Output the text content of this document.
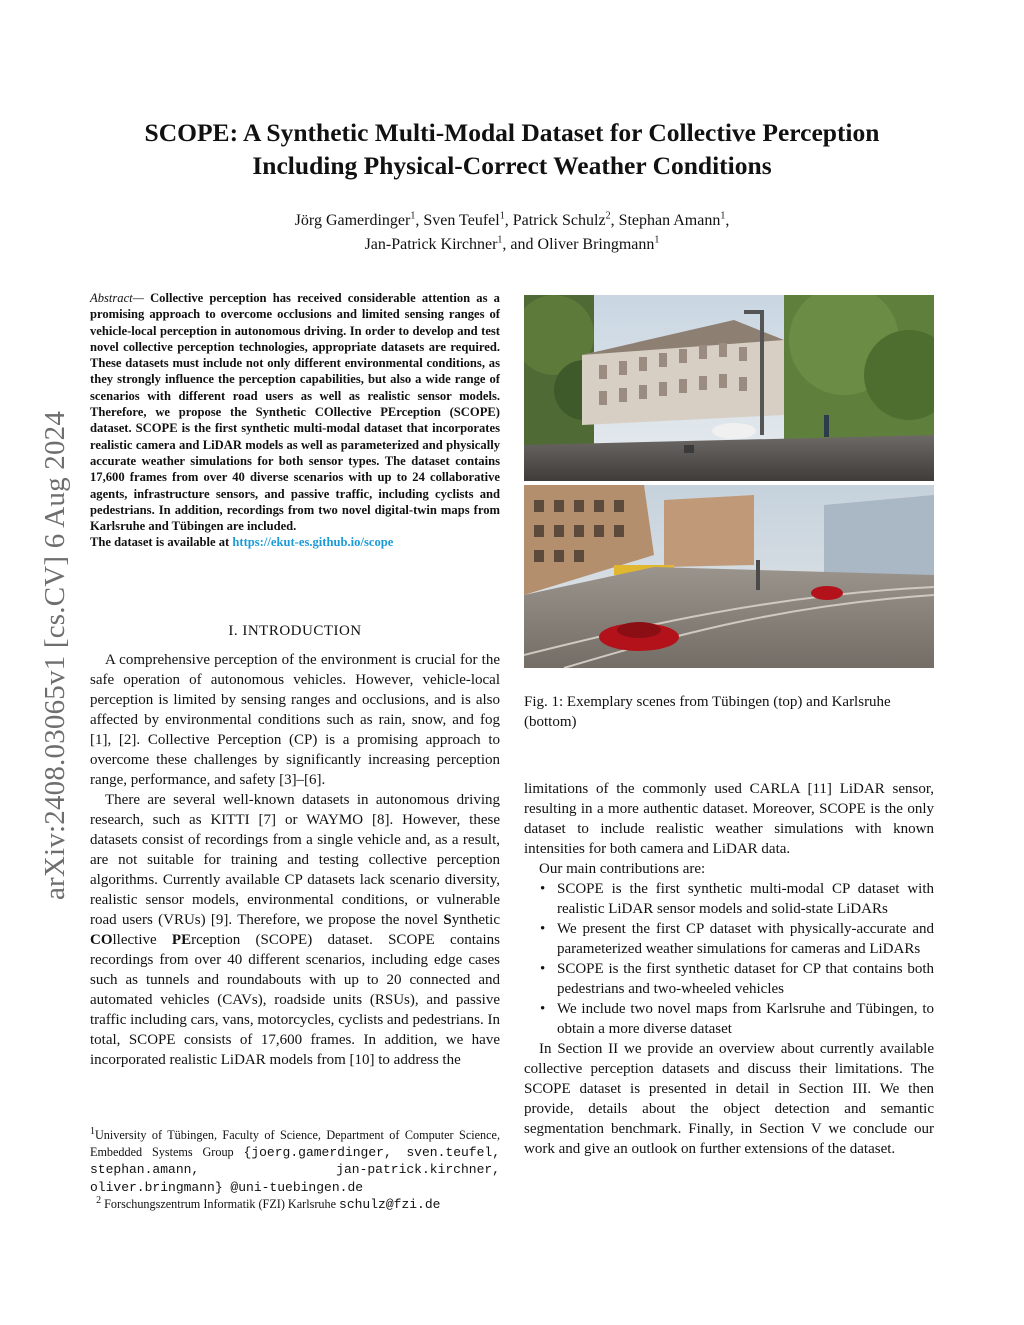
arXiv:2408.03065v1 [cs.CV] 6 Aug 2024
SCOPE: A Synthetic Multi-Modal Dataset for Collective Perception
Including Physical-Correct Weather Conditions
Jörg Gamerdinger$^1$, Sven Teufel$^1$, Patrick Schulz$^2$, Stephan Amann$^1$,
Jan-Patrick Kirchner$^1$, and Oliver Bringmann$^1$

Abstract— Collective perception has received considerable attention as a promising approach to overcome occlusions and limited sensing ranges of vehicle-local perception in autonomous driving. In order to develop and test novel collective perception technologies, appropriate datasets are required. These datasets must include not only different environmental conditions, as they strongly influence the perception capabilities, but also a wide range of scenarios with different road users as well as realistic sensor models. Therefore, we propose the Synthetic COllective PErception (SCOPE) dataset. SCOPE is the first synthetic multi-modal dataset that incorporates realistic camera and LiDAR models as well as parameterized and physically accurate weather simulations for both sensor types. The dataset contains 17,600 frames from over 40 diverse scenarios with up to 24 collaborative agents, infrastructure sensors, and passive traffic, including cyclists and pedestrians. In addition, recordings from two novel digital-twin maps from Karlsruhe and Tübingen are included.

The dataset is available at https://ekut-es.github.io/scope

I. INTRODUCTION

A comprehensive perception of the environment is crucial for the safe operation of autonomous vehicles. However, vehicle-local perception is limited by sensing ranges and occlusions, and is also affected by environmental conditions such as rain, snow, and fog [1], [2]. Collective Perception (CP) is a promising approach to overcome these challenges by significantly increasing perception range, performance, and safety [3]–[6].

There are several well-known datasets in autonomous driving research, such as KITTI [7] or WAYMO [8]. However, these datasets consist of recordings from a single vehicle and, as a result, are not suitable for training and testing collective perception algorithms. Currently available CP datasets lack scenario diversity, realistic sensor models, environmental conditions, or vulnerable road users (VRUs) [9]. Therefore, we propose the novel Synthetic COllective PErception (SCOPE) dataset. SCOPE contains recordings from over 40 different scenarios, including edge cases such as tunnels and roundabouts with up to 20 connected and automated vehicles (CAVs), roadside units (RSUs), and passive traffic including cars, vans, motorcycles, cyclists and pedestrians. In total, SCOPE consists of 17,600 frames. In addition, we have incorporated realistic LiDAR models from [10] to address the

$^1$University of Tübingen, Faculty of Science, Department of Computer Science, Embedded Systems Group {joerg.gamerdinger, sven.teufel, stephan.amann, jan-patrick.kirchner, oliver.bringmann} @uni-tuebingen.de

$^2$ Forschungszentrum Informatik (FZI) Karlsruhe schulz@fzi.de

Fig. 1: Exemplary scenes from Tübingen (top) and Karlsruhe (bottom)

limitations of the commonly used CARLA [11] LiDAR sensor, resulting in a more authentic dataset. Moreover, SCOPE is the only dataset to include realistic weather simulations with known intensities for both camera and LiDAR data.

Our main contributions are:

• SCOPE is the first synthetic multi-modal CP dataset with realistic LiDAR sensor models and solid-state LiDARs
• We present the first CP dataset with physically-accurate and parameterized weather simulations for cameras and LiDARs
• SCOPE is the first synthetic dataset for CP that contains both pedestrians and two-wheeled vehicles
• We include two novel maps from Karlsruhe and Tübingen, to obtain a more diverse dataset

In Section II we provide an overview about currently available collective perception datasets and discuss their limitations. The SCOPE dataset is presented in detail in Section III. We then provide, details about the object detection and semantic segmentation benchmark. Finally, in Section V we conclude our work and give an outlook on further extensions of the dataset.
